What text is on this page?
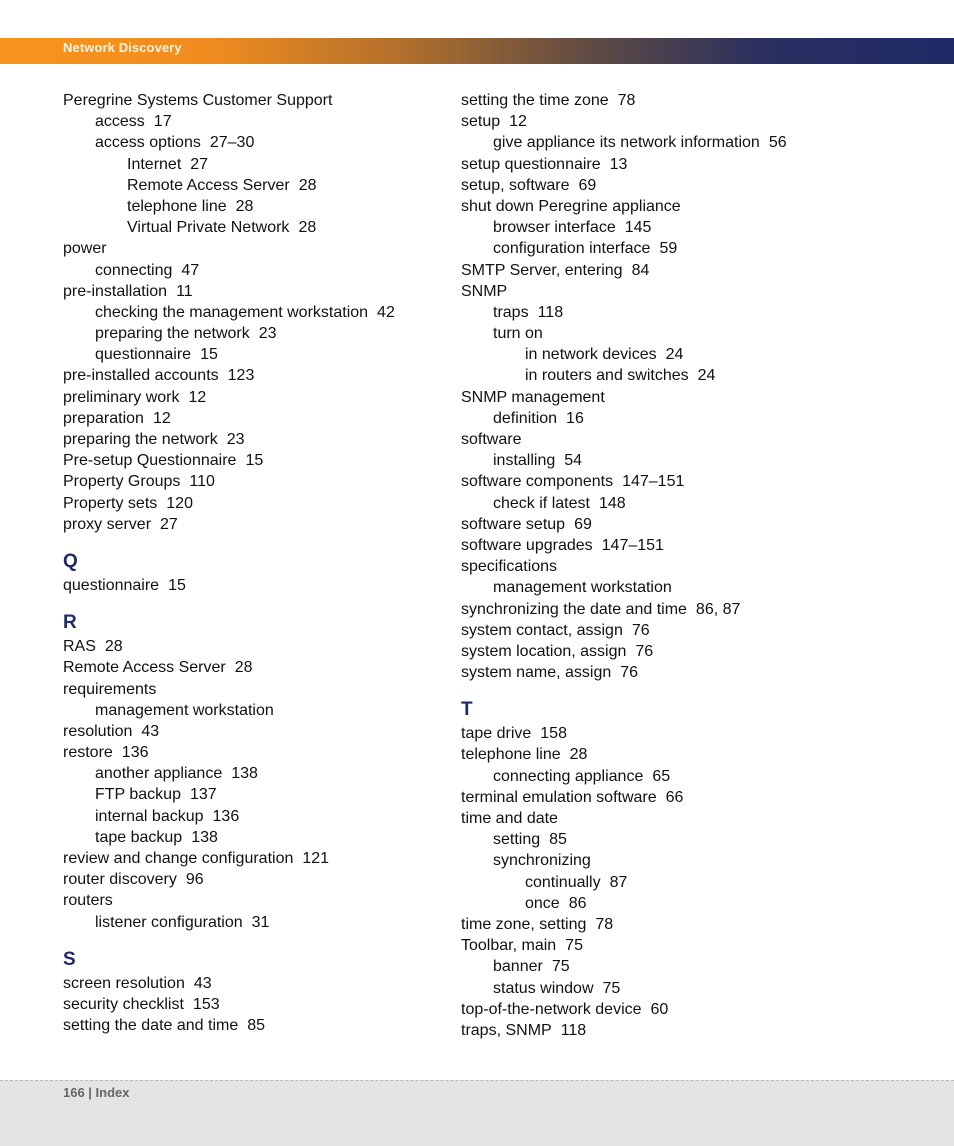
Network Discovery
Peregrine Systems Customer Support
access 17
access options 27–30
Internet 27
Remote Access Server 28
telephone line 28
Virtual Private Network 28
power
connecting 47
pre-installation 11
checking the management workstation 42
preparing the network 23
questionnaire 15
pre-installed accounts 123
preliminary work 12
preparation 12
preparing the network 23
Pre-setup Questionnaire 15
Property Groups 110
Property sets 120
proxy server 27
Q
questionnaire 15
R
RAS 28
Remote Access Server 28
requirements
management workstation
resolution 43
restore 136
another appliance 138
FTP backup 137
internal backup 136
tape backup 138
review and change configuration 121
router discovery 96
routers
listener configuration 31
S
screen resolution 43
security checklist 153
setting the date and time 85
setting the time zone 78
setup 12
give appliance its network information 56
setup questionnaire 13
setup, software 69
shut down Peregrine appliance
browser interface 145
configuration interface 59
SMTP Server, entering 84
SNMP
traps 118
turn on
in network devices 24
in routers and switches 24
SNMP management
definition 16
software
installing 54
software components 147–151
check if latest 148
software setup 69
software upgrades 147–151
specifications
management workstation
synchronizing the date and time 86, 87
system contact, assign 76
system location, assign 76
system name, assign 76
T
tape drive 158
telephone line 28
connecting appliance 65
terminal emulation software 66
time and date
setting 85
synchronizing
continually 87
once 86
time zone, setting 78
Toolbar, main 75
banner 75
status window 75
top-of-the-network device 60
traps, SNMP 118
166 | Index
